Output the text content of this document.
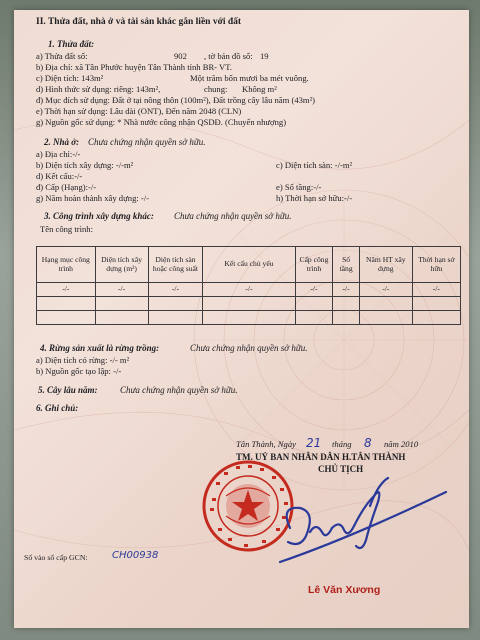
II. Thửa đất, nhà ở và tài sản khác gắn liền với đất
1. Thửa đất:
a) Thửa đất số:	902 , tờ bản đồ số: 19
b) Địa chỉ: xã Tân Phước huyện Tân Thành tỉnh BR- VT.
c) Diện tích: 143m²	Một trăm bốn mươi ba mét vuông.
d) Hình thức sử dụng: riêng: 143m²,	chung: Không m²
đ) Mục đích sử dụng: Đất ở tại nông thôn (100m²), Đất trồng cây lâu năm (43m²)
e) Thời hạn sử dụng: Lâu dài (ONT), Đến năm 2048 (CLN)
g) Nguồn gốc sử dụng: * Nhà nước công nhận QSDĐ. (Chuyển nhượng)
2. Nhà ở: Chưa chứng nhận quyền sở hữu.
a) Địa chỉ:-/-
b) Diện tích xây dựng: -/-m²	c) Diện tích sàn: -/-m²
d) Kết cấu:-/-
đ) Cấp (Hạng):-/-	e) Số tầng:-/-
g) Năm hoàn thành xây dựng: -/-	h) Thời hạn sở hữu:-/-
3. Công trình xây dựng khác: Chưa chứng nhận quyền sở hữu.
Tên công trình:
Hạng mục công trình	Diện tích xây dựng (m²)	Diện tích sàn hoặc công suất	Kết cấu chủ yếu	Cấp công trình	Số tầng	Năm HT xây dựng	Thời hạn sở hữu
-/-	-/-	-/-	-/-	-/-	-/-	-/-	-/-

4. Rừng sản xuất là rừng trồng:	Chưa chứng nhận quyền sở hữu.
a) Diện tích có rừng: -/- m²
b) Nguồn gốc tạo lập: -/-
5. Cây lâu năm: Chưa chứng nhận quyền sở hữu.
6. Ghi chú:
Tân Thành, Ngày 21 tháng 8 năm 2010
TM. UỶ BAN NHÂN DÂN H.TÂN THÀNH
CHỦ TỊCH
Lê Văn Xương
Số vào sổ cấp GCN: CH00938
